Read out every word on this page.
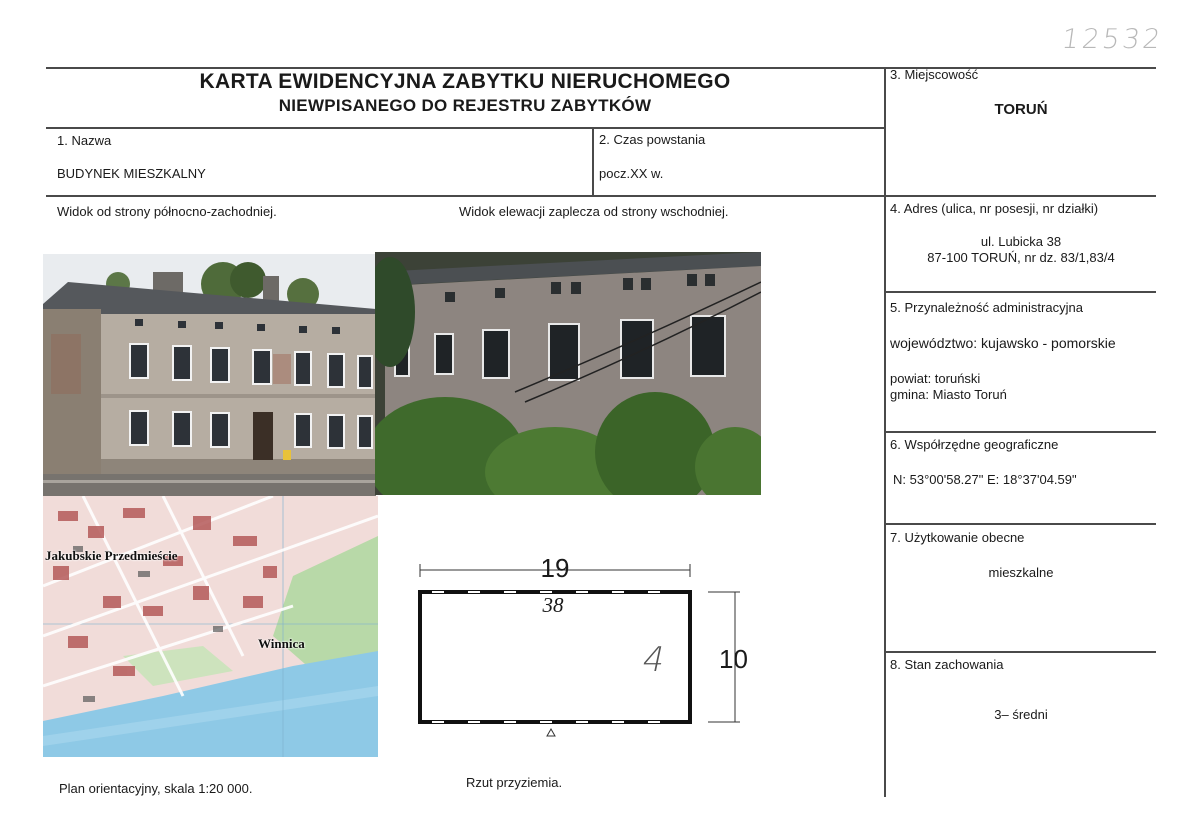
12532
KARTA EWIDENCYJNA ZABYTKU NIERUCHOMEGO
NIEWPISANEGO DO REJESTRU ZABYTKÓW
1. Nazwa
BUDYNEK MIESZKALNY
2. Czas powstania
pocz.XX w.
3. Miejscowość
TORUŃ
4. Adres (ulica, nr posesji, nr działki)
ul. Lubicka 38
87-100 TORUŃ, nr dz. 83/1,83/4
5. Przynależność administracyjna
województwo: kujawsko - pomorskie
powiat: toruński
gmina: Miasto Toruń
6. Współrzędne geograficzne
N: 53°00'58.27" E: 18°37'04.59"
7. Użytkowanie obecne
mieszkalne
8. Stan zachowania
3– średni
Widok od strony północno-zachodniej.	Widok elewacji zaplecza od strony wschodniej.
Jakubskie Przedmieście
Winnica
Plan orientacyjny, skala 1:20 000.
19
10
38
4
Rzut przyziemia.
